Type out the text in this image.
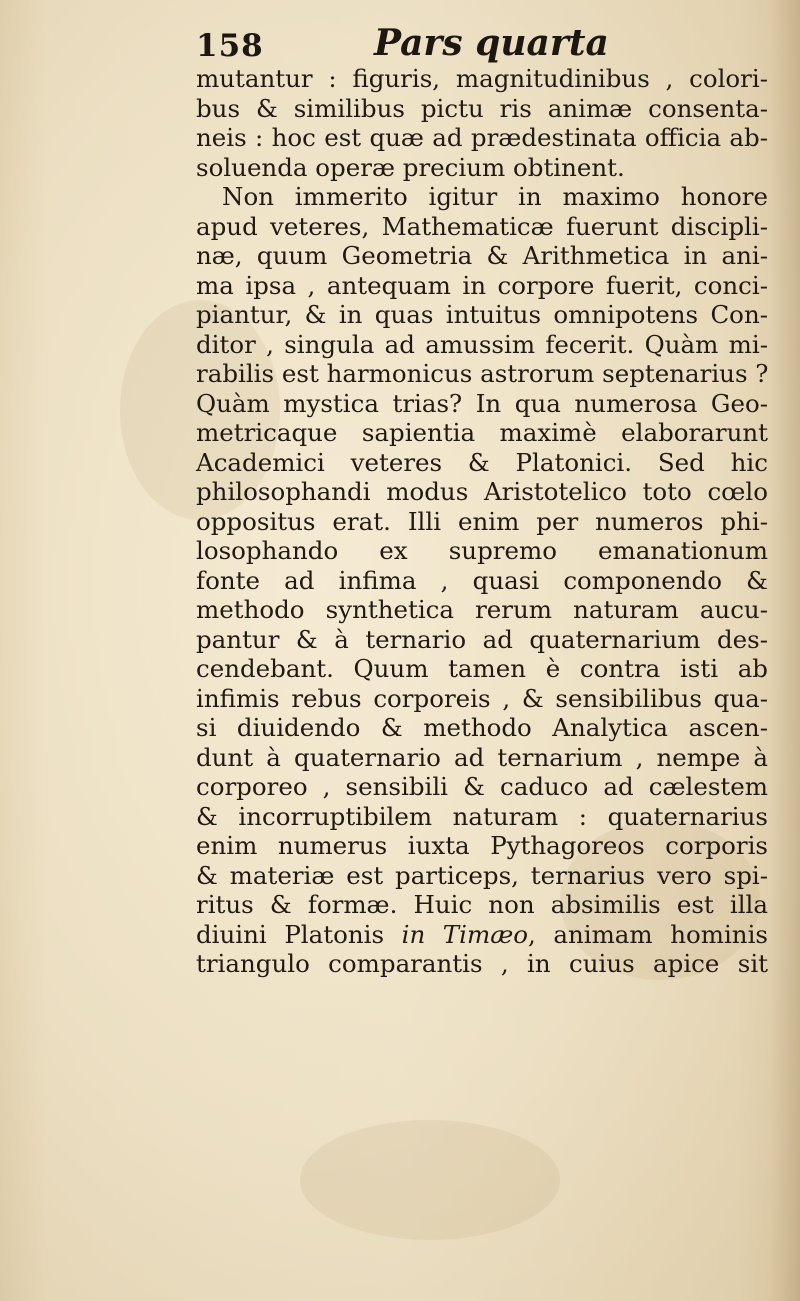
158	Pars quarta
mutantur : figuris, magnitudinibus , colori-
bus & similibus pictu ris animæ consenta-
neis : hoc est quæ ad prædestinata officia ab-
soluenda operæ precium obtinent.
Non immerito igitur in maximo honore
apud veteres, Mathematicæ fuerunt discipli-
næ, quum Geometria & Arithmetica in ani-
ma ipsa , antequam in corpore fuerit, conci-
piantur, & in quas intuitus omnipotens Con-
ditor , singula ad amussim fecerit. Quàm mi-
rabilis est harmonicus astrorum septenarius ?
Quàm mystica trias? In qua numerosa Geo-
metricaque sapientia maximè elaborarunt
Academici veteres & Platonici. Sed hic
philosophandi modus Aristotelico toto cœlo
oppositus erat. Illi enim per numeros phi-
losophando ex supremo emanationum
fonte ad infima , quasi componendo &
methodo synthetica rerum naturam aucu-
pantur & à ternario ad quaternarium des-
cendebant. Quum tamen è contra isti ab
infimis rebus corporeis , & sensibilibus qua-
si diuidendo & methodo Analytica ascen-
dunt à quaternario ad ternarium , nempe à
corporeo , sensibili & caduco ad cælestem
& incorruptibilem naturam : quaternarius
enim numerus iuxta Pythagoreos corporis
& materiæ est particeps, ternarius vero spi-
ritus & formæ. Huic non absimilis est illa
diuini Platonis in Timæo, animam hominis
triangulo comparantis , in cuius apice sit
